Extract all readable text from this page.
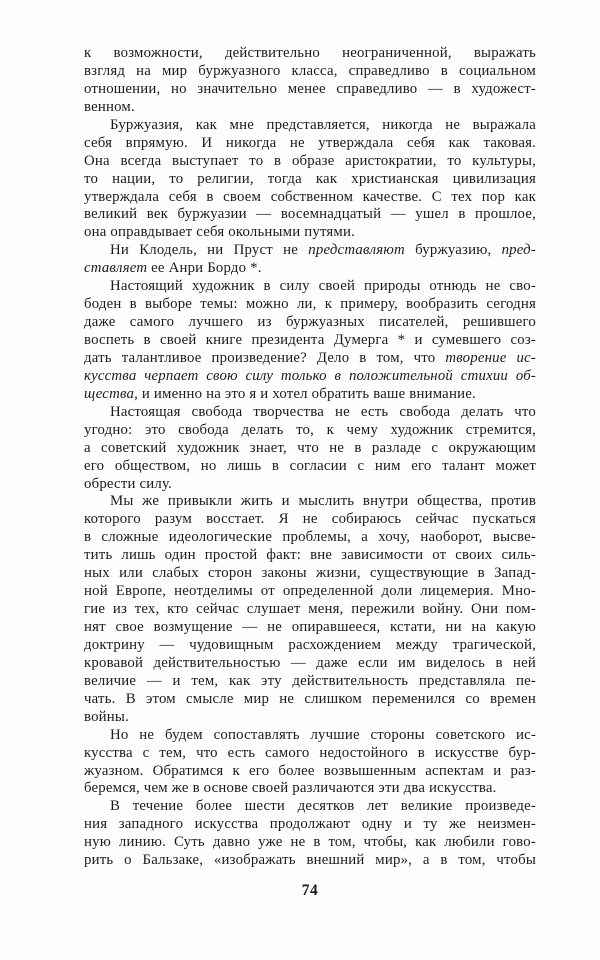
к возможности, действительно неограниченной, выражать
взгляд на мир буржуазного класса, справедливо в социальном
отношении, но значительно менее справедливо — в художест-
венном.
Буржуазия, как мне представляется, никогда не выражала
себя впрямую. И никогда не утверждала себя как таковая.
Она всегда выступает то в образе аристократии, то культуры,
то нации, то религии, тогда как христианская цивилизация
утверждала себя в своем собственном качестве. С тех пор как
великий век буржуазии — восемнадцатый — ушел в прошлое,
она оправдывает себя окольными путями.
Ни Клодель, ни Пруст не представляют буржуазию, пред-
ставляет ее Анри Бордо *.
Настоящий художник в силу своей природы отнюдь не сво-
боден в выборе темы: можно ли, к примеру, вообразить сегодня
даже самого лучшего из буржуазных писателей, решившего
воспеть в своей книге президента Думерга * и сумевшего соз-
дать талантливое произведение? Дело в том, что творение ис-
кусства черпает свою силу только в положительной стихии об-
щества, и именно на это я и хотел обратить ваше внимание.
Настоящая свобода творчества не есть свобода делать что
угодно: это свобода делать то, к чему художник стремится,
а советский художник знает, что не в разладе с окружающим
его обществом, но лишь в согласии с ним его талант может
обрести силу.
Мы же привыкли жить и мыслить внутри общества, против
которого разум восстает. Я не собираюсь сейчас пускаться
в сложные идеологические проблемы, а хочу, наоборот, высве-
тить лишь один простой факт: вне зависимости от своих силь-
ных или слабых сторон законы жизни, существующие в Запад-
ной Европе, неотделимы от определенной доли лицемерия. Мно-
гие из тех, кто сейчас слушает меня, пережили войну. Они пом-
нят свое возмущение — не опиравшееся, кстати, ни на какую
доктрину — чудовищным расхождением между трагической,
кровавой действительностью — даже если им виделось в ней
величие — и тем, как эту действительность представляла пе-
чать. В этом смысле мир не слишком переменился со времен
войны.
Но не будем сопоставлять лучшие стороны советского ис-
кусства с тем, что есть самого недостойного в искусстве бур-
жуазном. Обратимся к его более возвышенным аспектам и раз-
беремся, чем же в основе своей различаются эти два искусства.
В течение более шести десятков лет великие произведе-
ния западного искусства продолжают одну и ту же неизмен-
ную линию. Суть давно уже не в том, чтобы, как любили гово-
рить о Бальзаке, «изображать внешний мир», а в том, чтобы
74
